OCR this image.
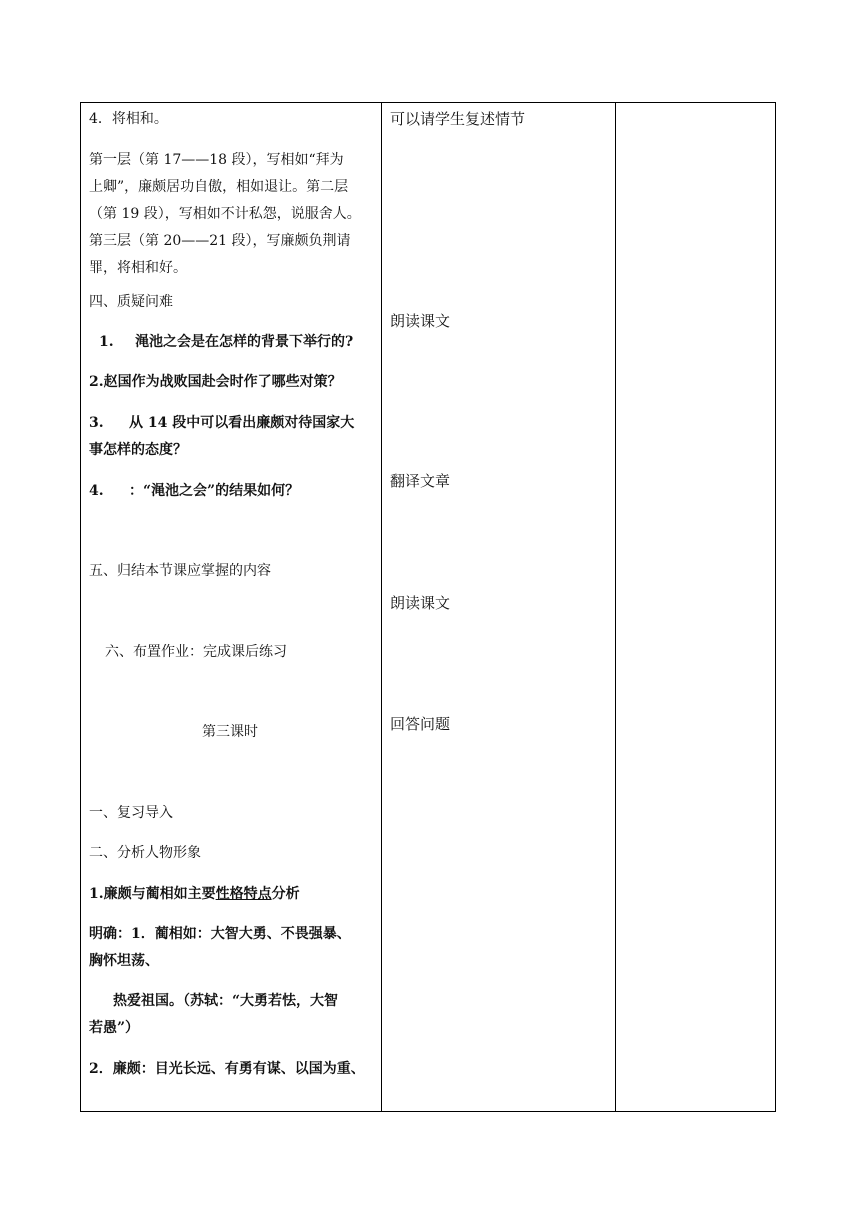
4．将相和。
第一层（第 17——18 段），写相如“拜为
上卿”，廉颇居功自傲，相如退让。第二层
（第 19 段），写相如不计私怨，说服舍人。
第三层（第 20——21 段），写廉颇负荆请
罪，将相和好。
四、质疑问难
1. 渑池之会是在怎样的背景下举行的?
2.赵国作为战败国赴会时作了哪些对策？
3. 从 14 段中可以看出廉颇对待国家大
事怎样的态度？
4. ：“渑池之会”的结果如何？
五、归结本节课应掌握的内容
六、布置作业：完成课后练习
第三课时
一、复习导入
二、分析人物形象
1.廉颇与蔺相如主要性格特点分析
明确：1．蔺相如：大智大勇、不畏强暴、
胸怀坦荡、
热爱祖国。（苏轼：“大勇若怯，大智
若愚”）
2．廉颇：目光长远、有勇有谋、以国为重、
可以请学生复述情节
朗读课文
翻译文章
朗读课文
回答问题
